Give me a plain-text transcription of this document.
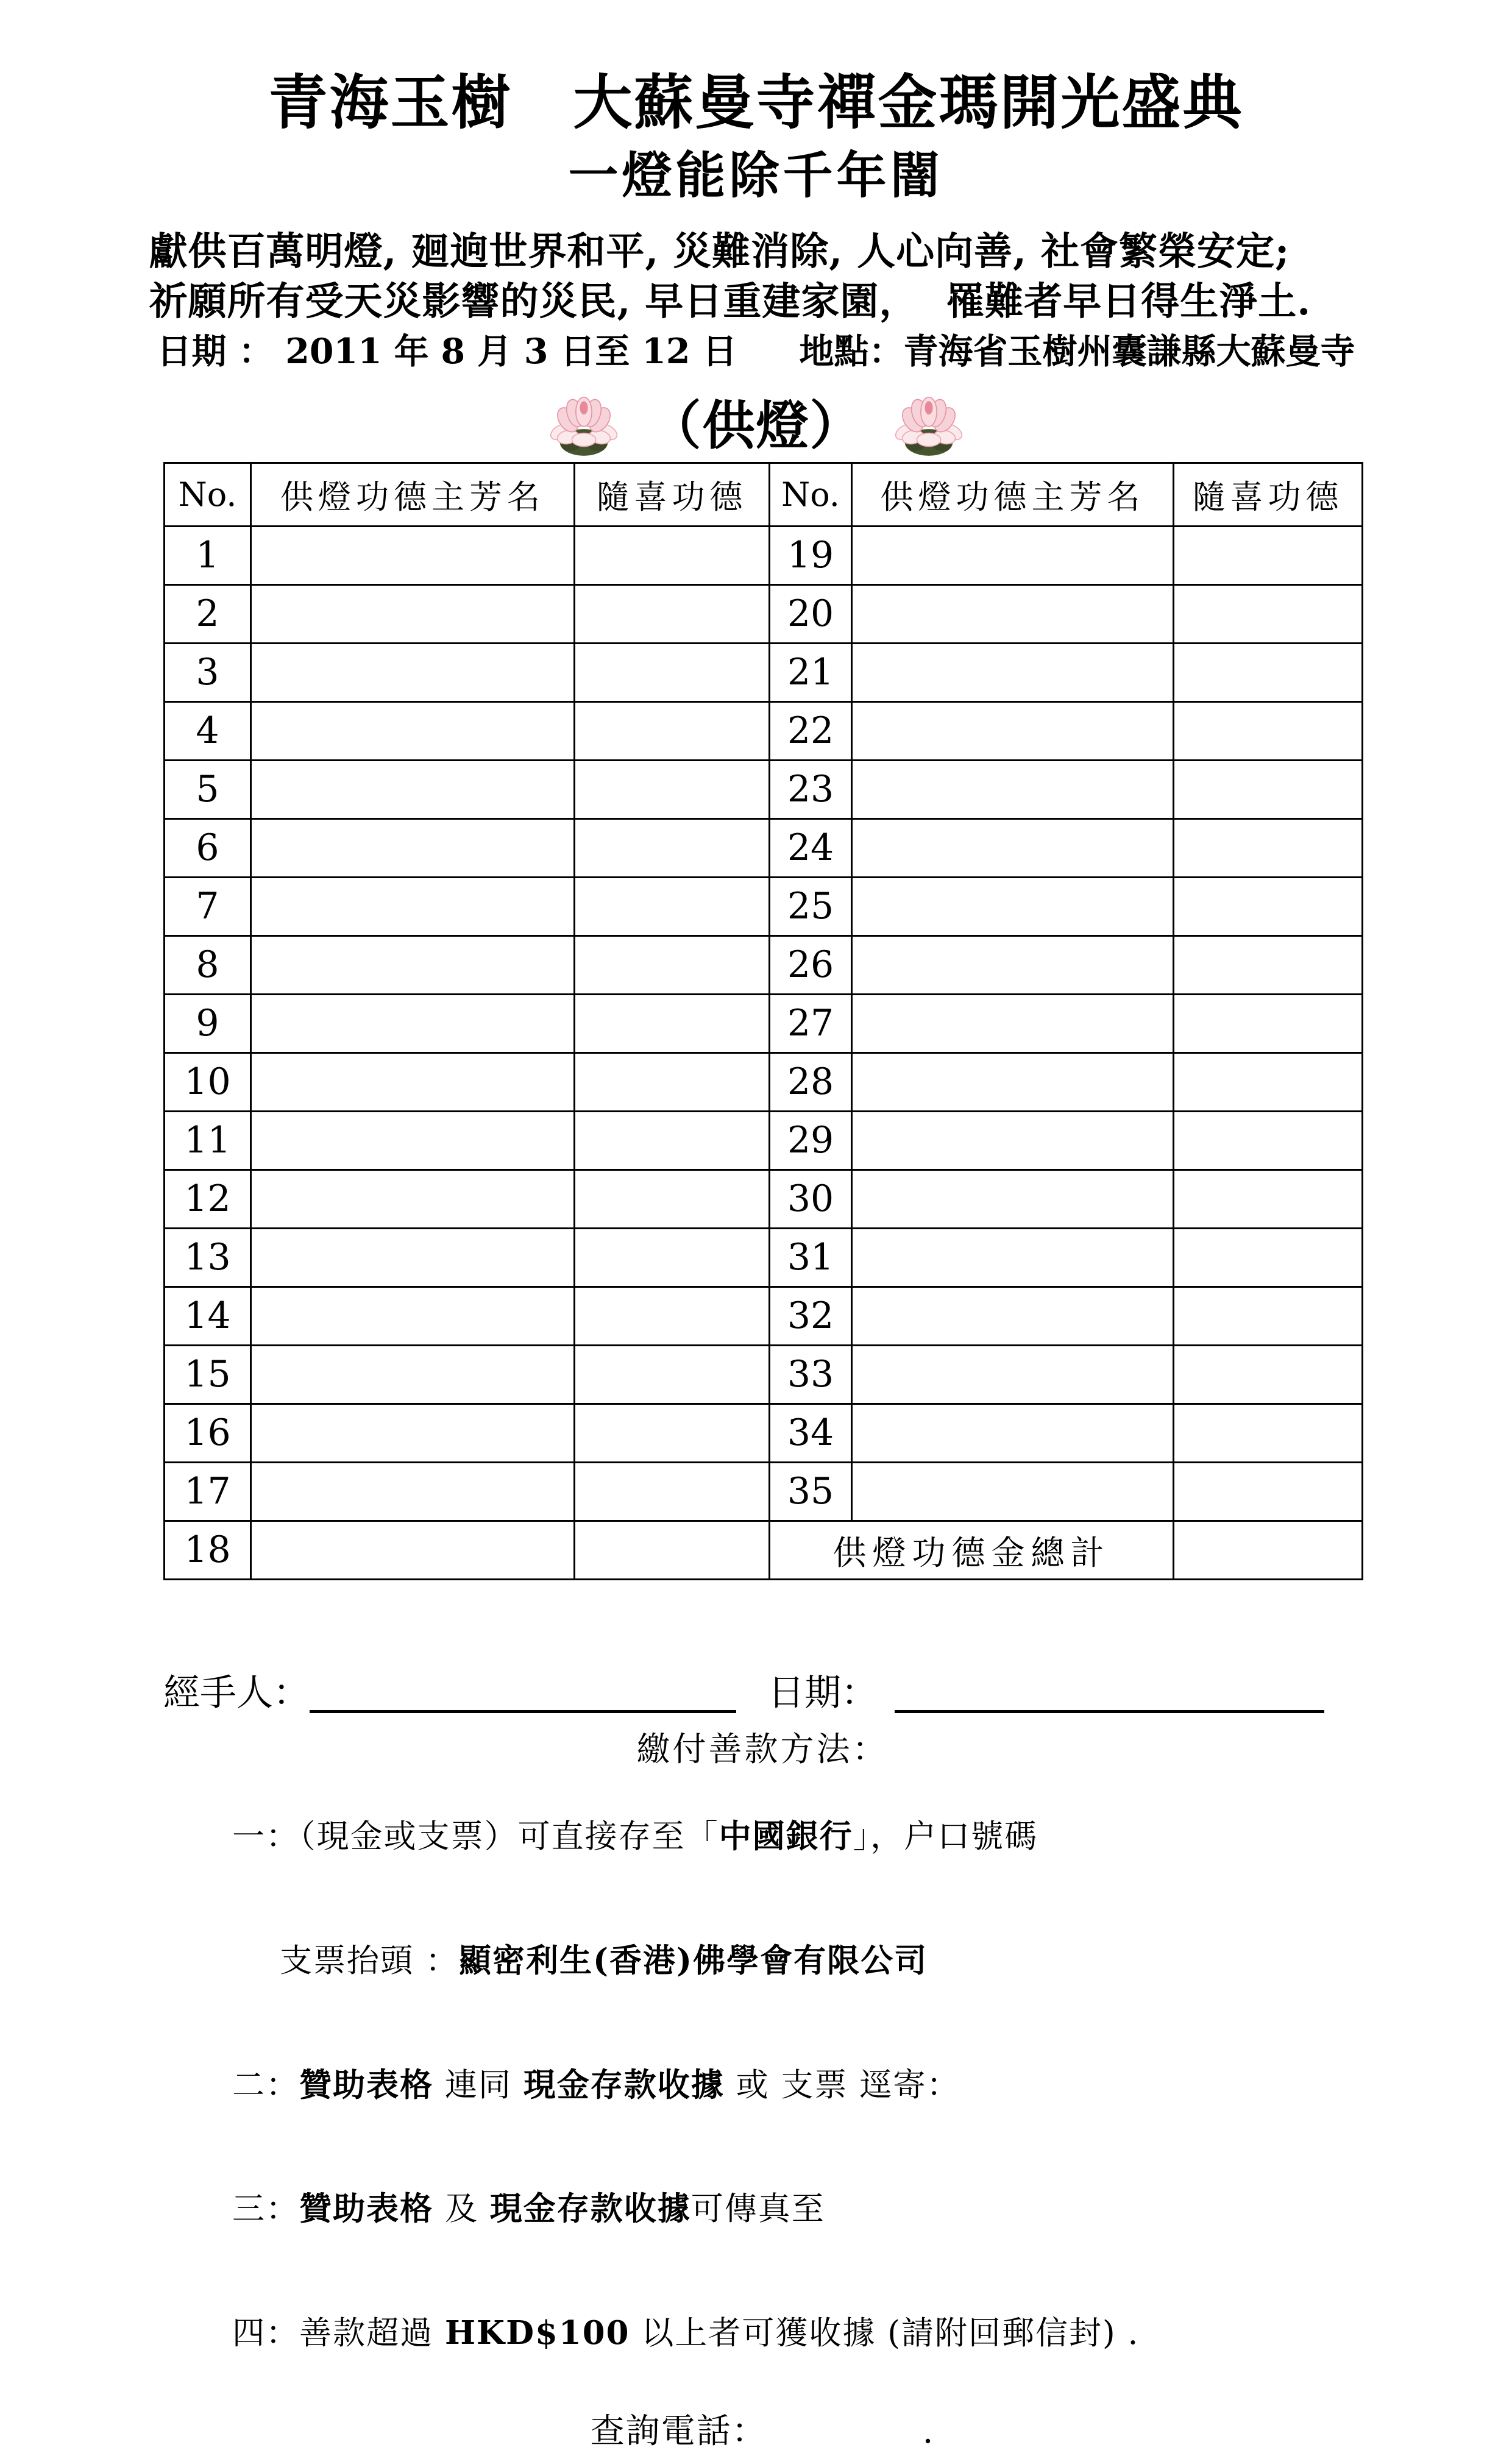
青海玉樹　大蘇曼寺禪金瑪開光盛典
一燈能除千年闇
獻供百萬明燈, 廻逈世界和平, 災難消除, 人心向善, 社會繁榮安定;
祈願所有受天災影響的災民, 早日重建家園，  罹難者早日得生淨土.
日期 ： 2011 年 8 月 3 日至 12 日 地點：青海省玉樹州囊謙縣大蘇曼寺
（供燈）
No.	供燈功德主芳名	隨喜功德	No.	供燈功德主芳名	隨喜功德
1			19		
2			20		
3			21		
4			22		
5			23		
6			24		
7			25		
8			26		
9			27		
10			28		
11			29		
12			30		
13			31		
14			32		
15			33		
16			34		
17			35		
18			供燈功德金總計		
經手人：	日期：
繳付善款方法：

一：（現金或支票）可直接存至「中國銀行」，户口號碼

支票抬頭 ：顯密利生(香港)佛學會有限公司

二：贊助表格 連同 現金存款收據 或 支票 逕寄：

三：贊助表格 及 現金存款收據可傳真至

四：善款超過 HKD$100 以上者可獲收據 (請附回郵信封) .

查詢電話：	.
